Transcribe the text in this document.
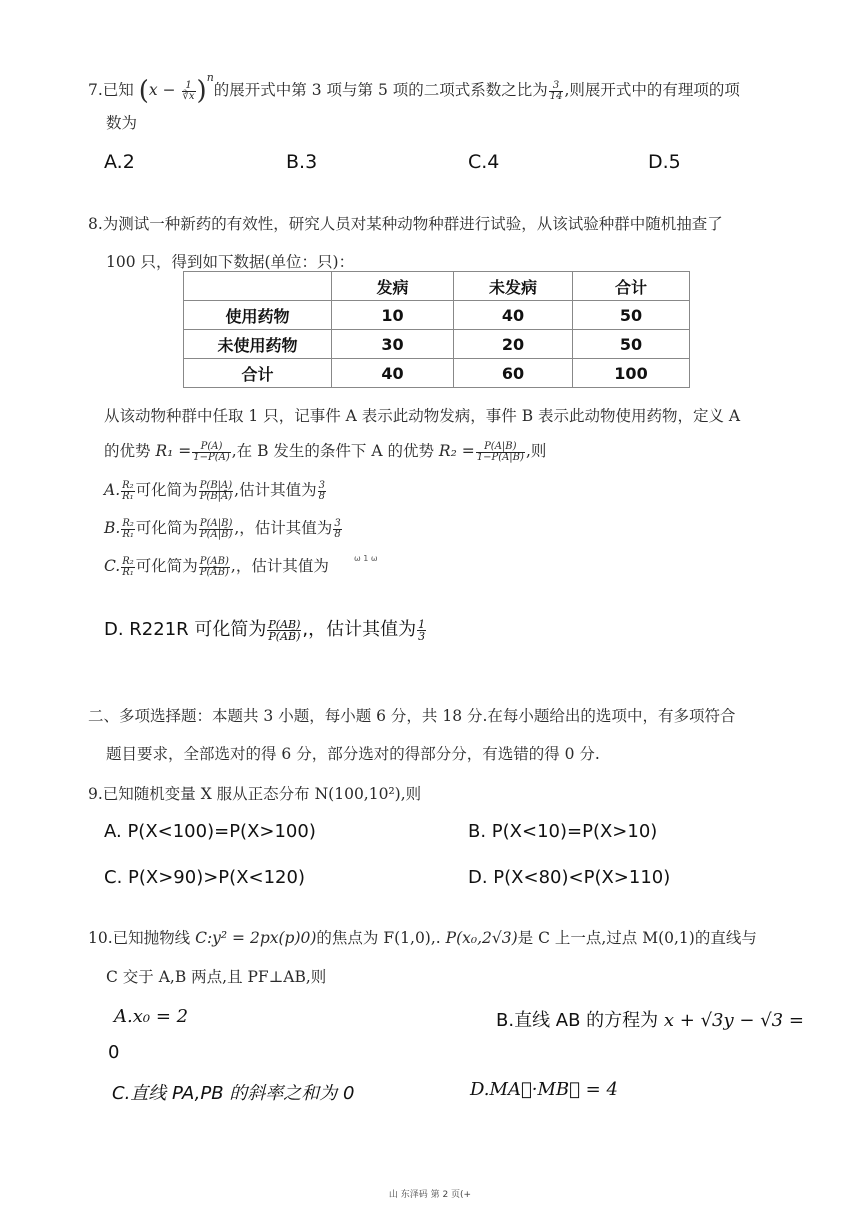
7.已知 $(x - \frac{1}{∛x} )^n$的展开式中第 3 项与第 5 项的二项式系数之比为 $\frac{3}{14}$ ,则展开式中的有理项的项
数为
A.2	B.3	C.4	D.5
8.为测试一种新药的有效性，研究人员对某种动物种群进行试验，从该试验种群中随机抽查了
100 只，得到如下数据(单位：只)：
	发病	未发病	合计
使用药物	10	40	50
未使用药物	30	20	50
合计	40	60	100
从该动物种群中任取 1 只，记事件 A 表示此动物发病，事件 B 表示此动物使用药物，定义 A
的优势 $R_1 = \frac{P(A)}{1-P(A)}$ ,在 B 发生的条件下 A 的优势 $R_2 = \frac{P(A|B)}{1-P(A|B)}$ ,则
A. $\frac{\text{R₂}}{\text{R₁}}$ 可化简为 $\frac{P(B|A)}{P(B|Ā)}$ ,估计其值为 $\frac{3}{8}$
B. $\frac{\text{R₂}}{\text{R₁}}$ 可化简为 $\frac{P(A|B)}{P(A|B̄)}$ ,，估计其值为 $\frac{3}{8}$
C. $\frac{\text{R₂}}{\text{R₁}}$ 可化简为 $\frac{P(AB)}{P(ĀB)}$ ,，估计其值为	ω 1 ω
D. R221R 可化简为 $\frac{P(AB)}{P(AB̄)}$ ,，估计其值为 $\frac{1}{3}$
二、多项选择题：本题共 3 小题，每小题 6 分，共 18 分.在每小题给出的选项中，有多项符合
题目要求，全部选对的得 6 分，部分选对的得部分分，有选错的得 0 分.
9.已知随机变量 X 服从正态分布 N(100,10²),则
A. P(X<100)=P(X>100)	B. P(X<10)=P(X>10)
C. P(X>90)>P(X<120)	D. P(X<80)<P(X>110)
10.已知抛物线 C:y² = 2px(p)0)的焦点为 F(1,0),. P(x₀,2√3)是 C 上一点,过点 M(0,1)的直线与
C 交于 A,B 两点,且 PF⊥AB,则
A.x₀ = 2	B.直线 AB 的方程为 x + √3y − √3 =
0
C.直线 PA,PB 的斜率之和为 0	D.MA⃗·MB⃗ = 4
山 东泽码 第 2 页(+
